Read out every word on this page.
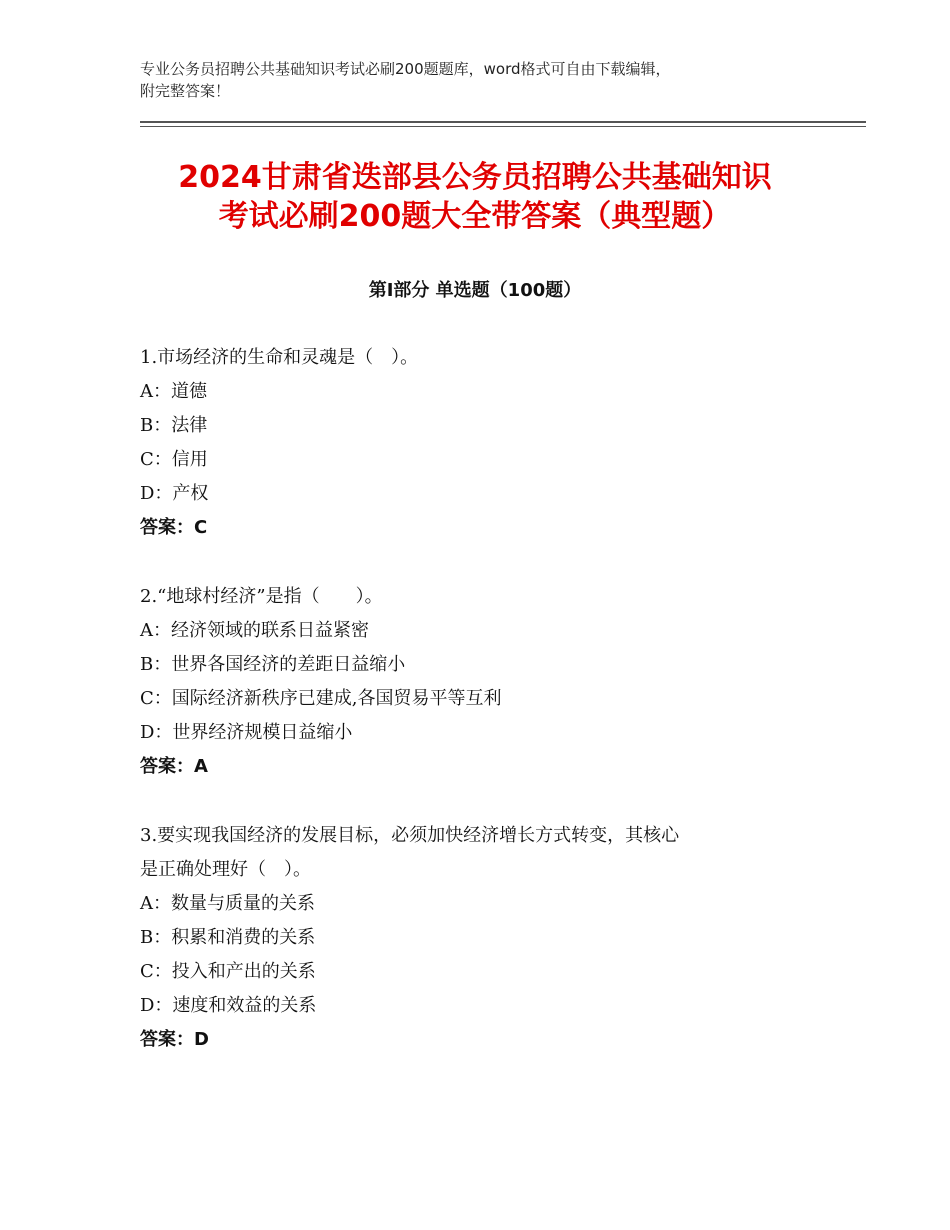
专业公务员招聘公共基础知识考试必刷200题题库，word格式可自由下载编辑，
附完整答案！
2024甘肃省迭部县公务员招聘公共基础知识
考试必刷200题大全带答案（典型题）
第Ⅰ部分 单选题（100题）
1.市场经济的生命和灵魂是（　）。
A：道德
B：法律
C：信用
D：产权
答案：C
2.“地球村经济”是指（　　）。
A：经济领域的联系日益紧密
B：世界各国经济的差距日益缩小
C：国际经济新秩序已建成,各国贸易平等互利
D：世界经济规模日益缩小
答案：A
3.要实现我国经济的发展目标，必须加快经济增长方式转变，其核心
是正确处理好（　）。
A：数量与质量的关系
B：积累和消费的关系
C：投入和产出的关系
D：速度和效益的关系
答案：D
